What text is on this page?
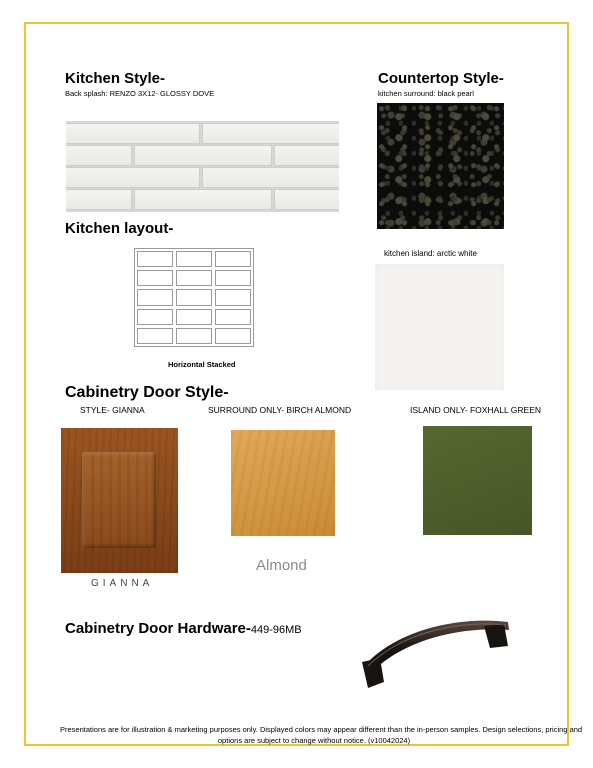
Kitchen Style-
Back splash: RENZO 3X12- GLOSSY DOVE
Countertop Style-
kitchen surround: black pearl
kitchen island: arctic white
Kitchen layout-
Horizontal Stacked
Cabinetry Door Style-
STYLE- GIANNA	SURROUND ONLY- BIRCH ALMOND	ISLAND ONLY- FOXHALL GREEN
GIANNA
Almond
Cabinetry Door Hardware-449-96MB
Presentations are for illustration & marketing purposes only. Displayed colors may appear different than the in-person samples. Design selections, pricing and
options are subject to change without notice. (v10042024)
